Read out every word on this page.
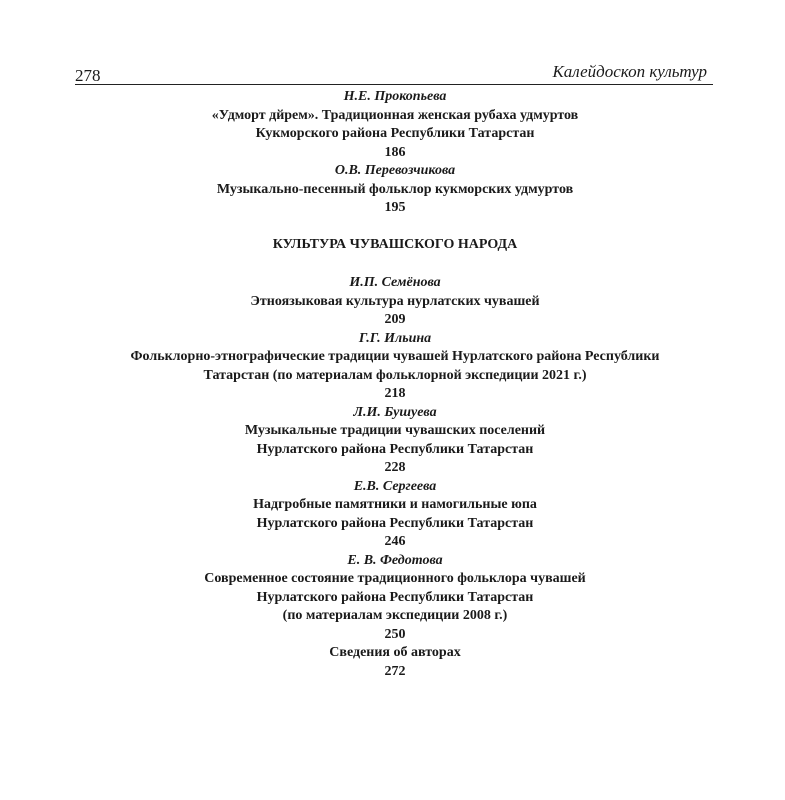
278	Калейдоскоп культур
Н.Е. Прокопьева
«Удморт дйрем». Традиционная женская рубаха удмуртов
Кукморского района Республики Татарстан
186
О.В. Перевозчикова
Музыкально-песенный фольклор кукморских удмуртов
195
КУЛЬТУРА ЧУВАШСКОГО НАРОДА
И.П. Семёнова
Этноязыковая культура нурлатских чувашей
209
Г.Г. Ильина
Фольклорно-этнографические традиции чувашей Нурлатского района Республики
Татарстан (по материалам фольклорной экспедиции 2021 г.)
218
Л.И. Бушуева
Музыкальные традиции чувашских поселений
Нурлатского района Республики Татарстан
228
Е.В. Сергеева
Надгробные памятники и намогильные юпа
Нурлатского района Республики Татарстан
246
Е. В. Федотова
Современное состояние традиционного фольклора чувашей
Нурлатского района Республики Татарстан
(по материалам экспедиции 2008 г.)
250
Сведения об авторах
272
